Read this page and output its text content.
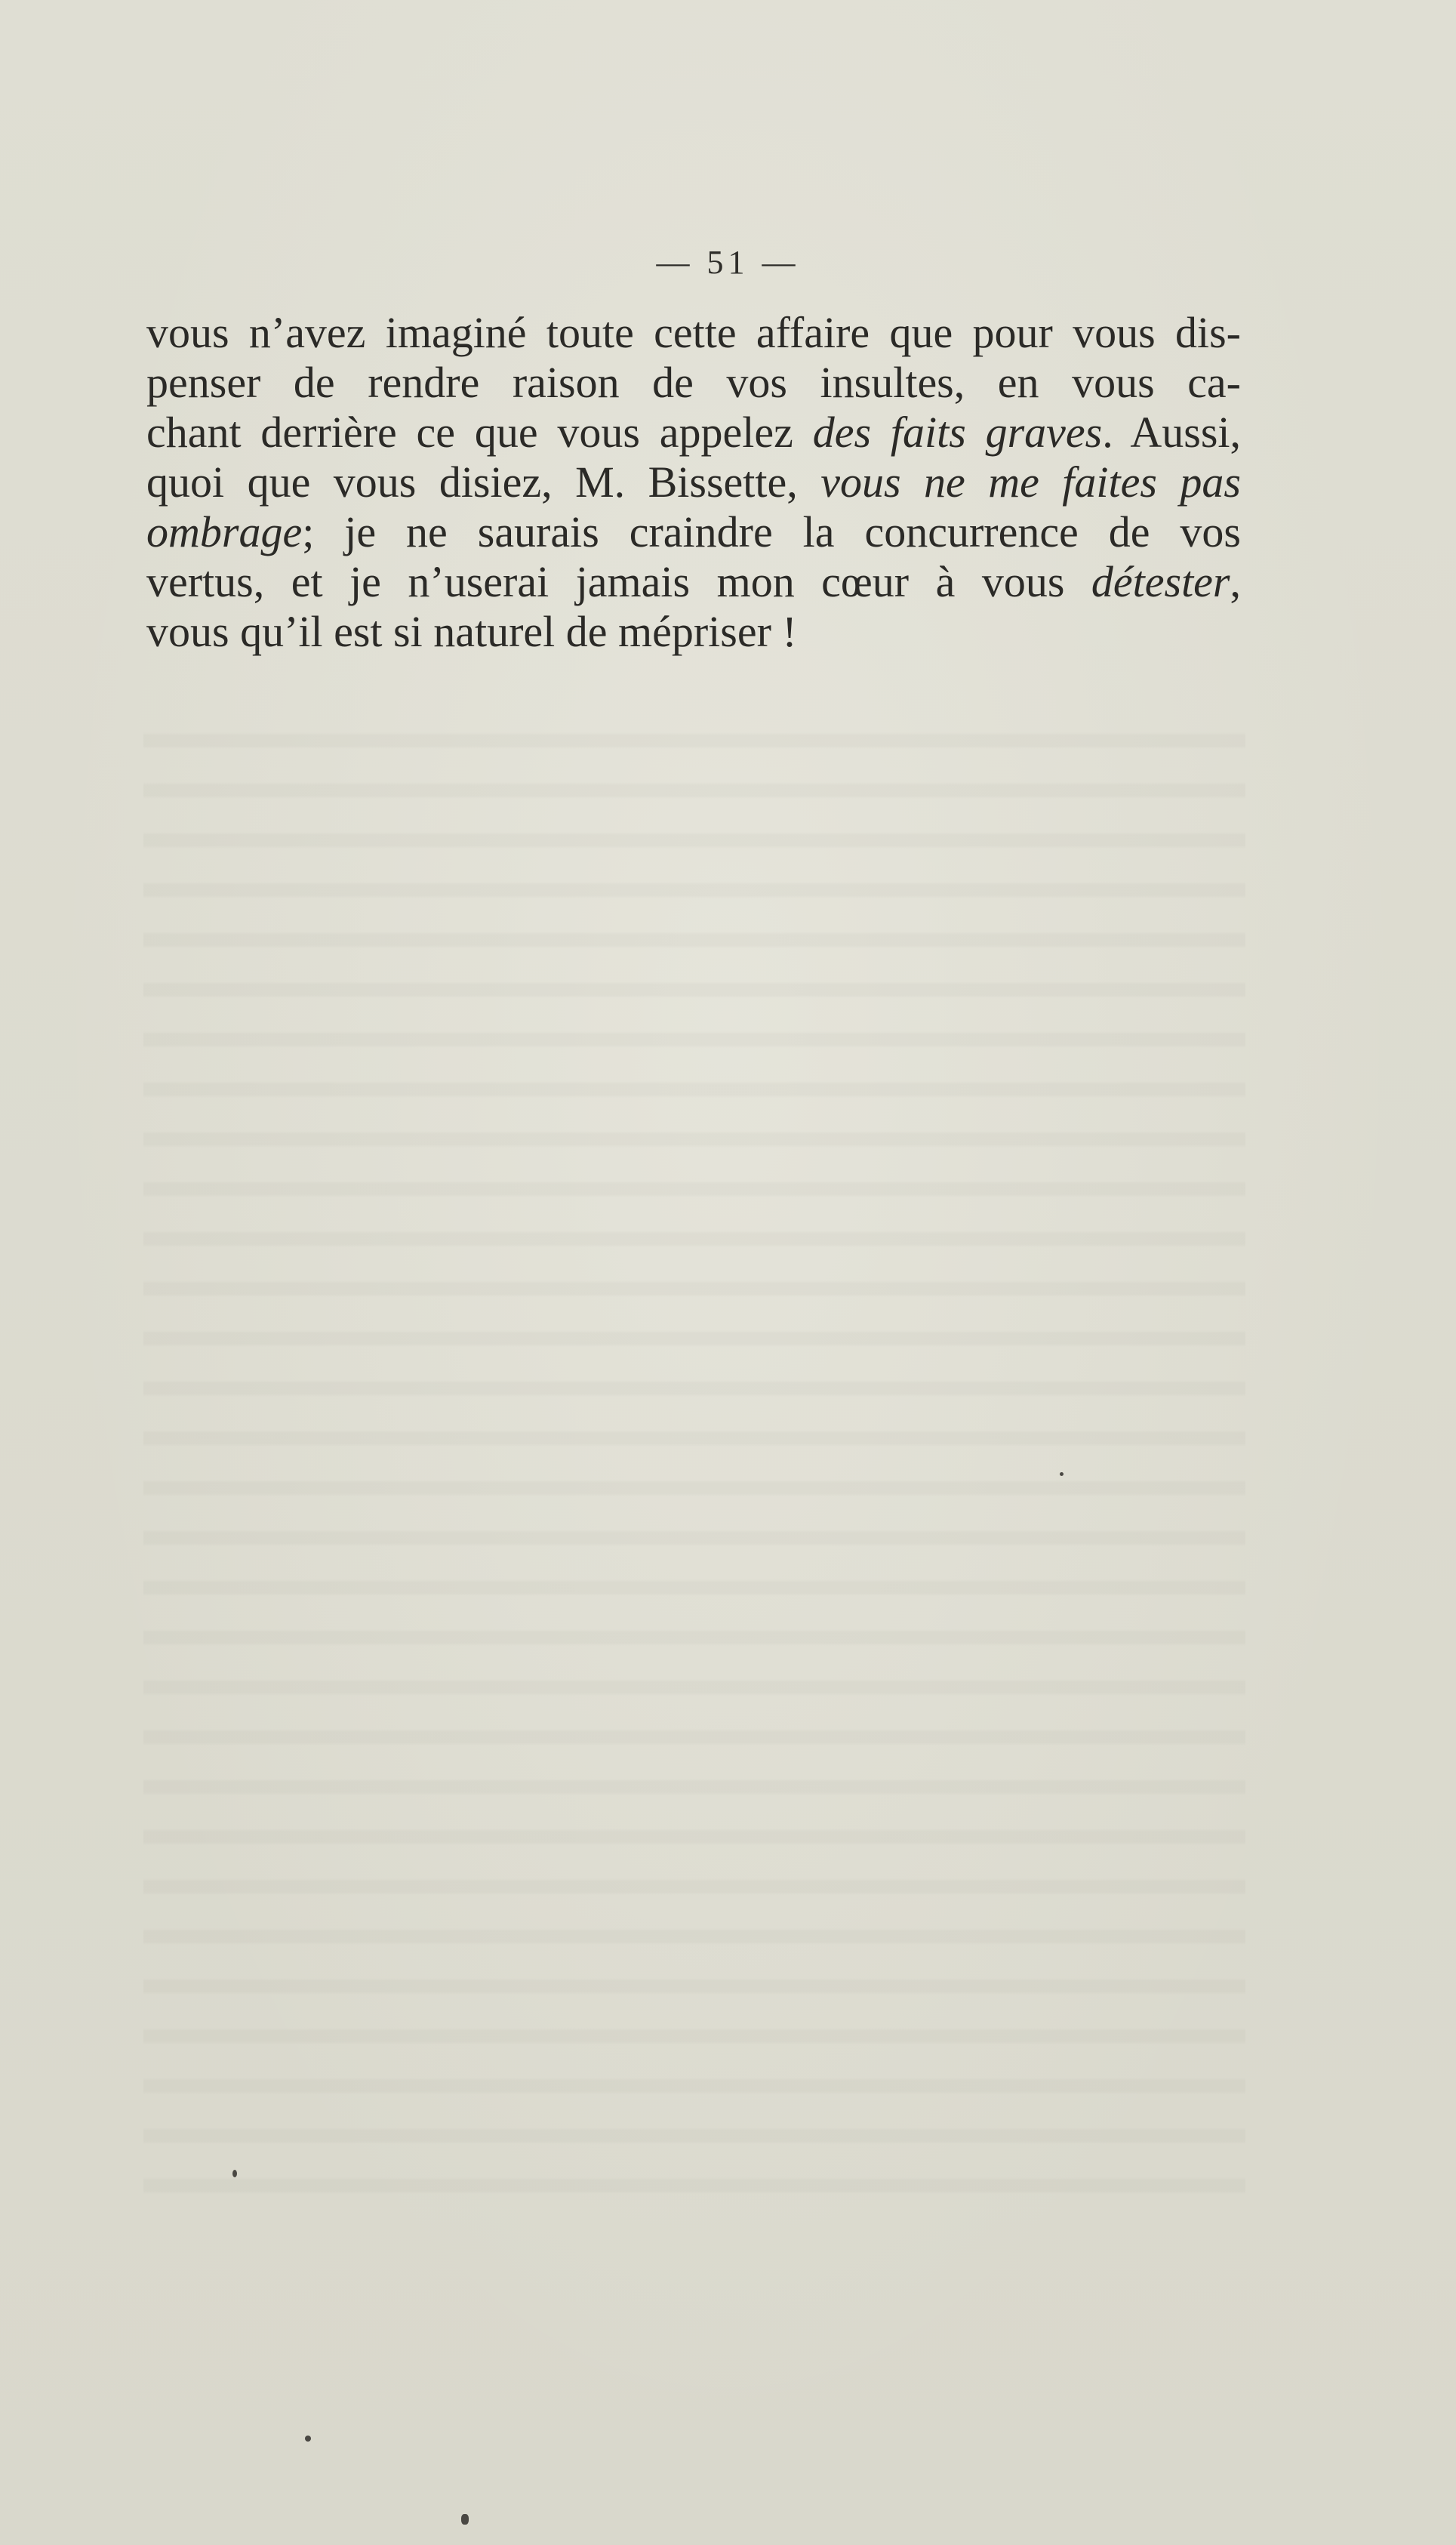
— 51 —
vous n’avez imaginé toute cette affaire que pour vous dis-
penser de rendre raison de vos insultes, en vous ca-
chant derrière ce que vous appelez des faits graves. Aussi,
quoi que vous disiez, M. Bissette, vous ne me faites pas
ombrage; je ne saurais craindre la concurrence de vos
vertus, et je n’userai jamais mon cœur à vous détester,
vous qu’il est si naturel de mépriser !
